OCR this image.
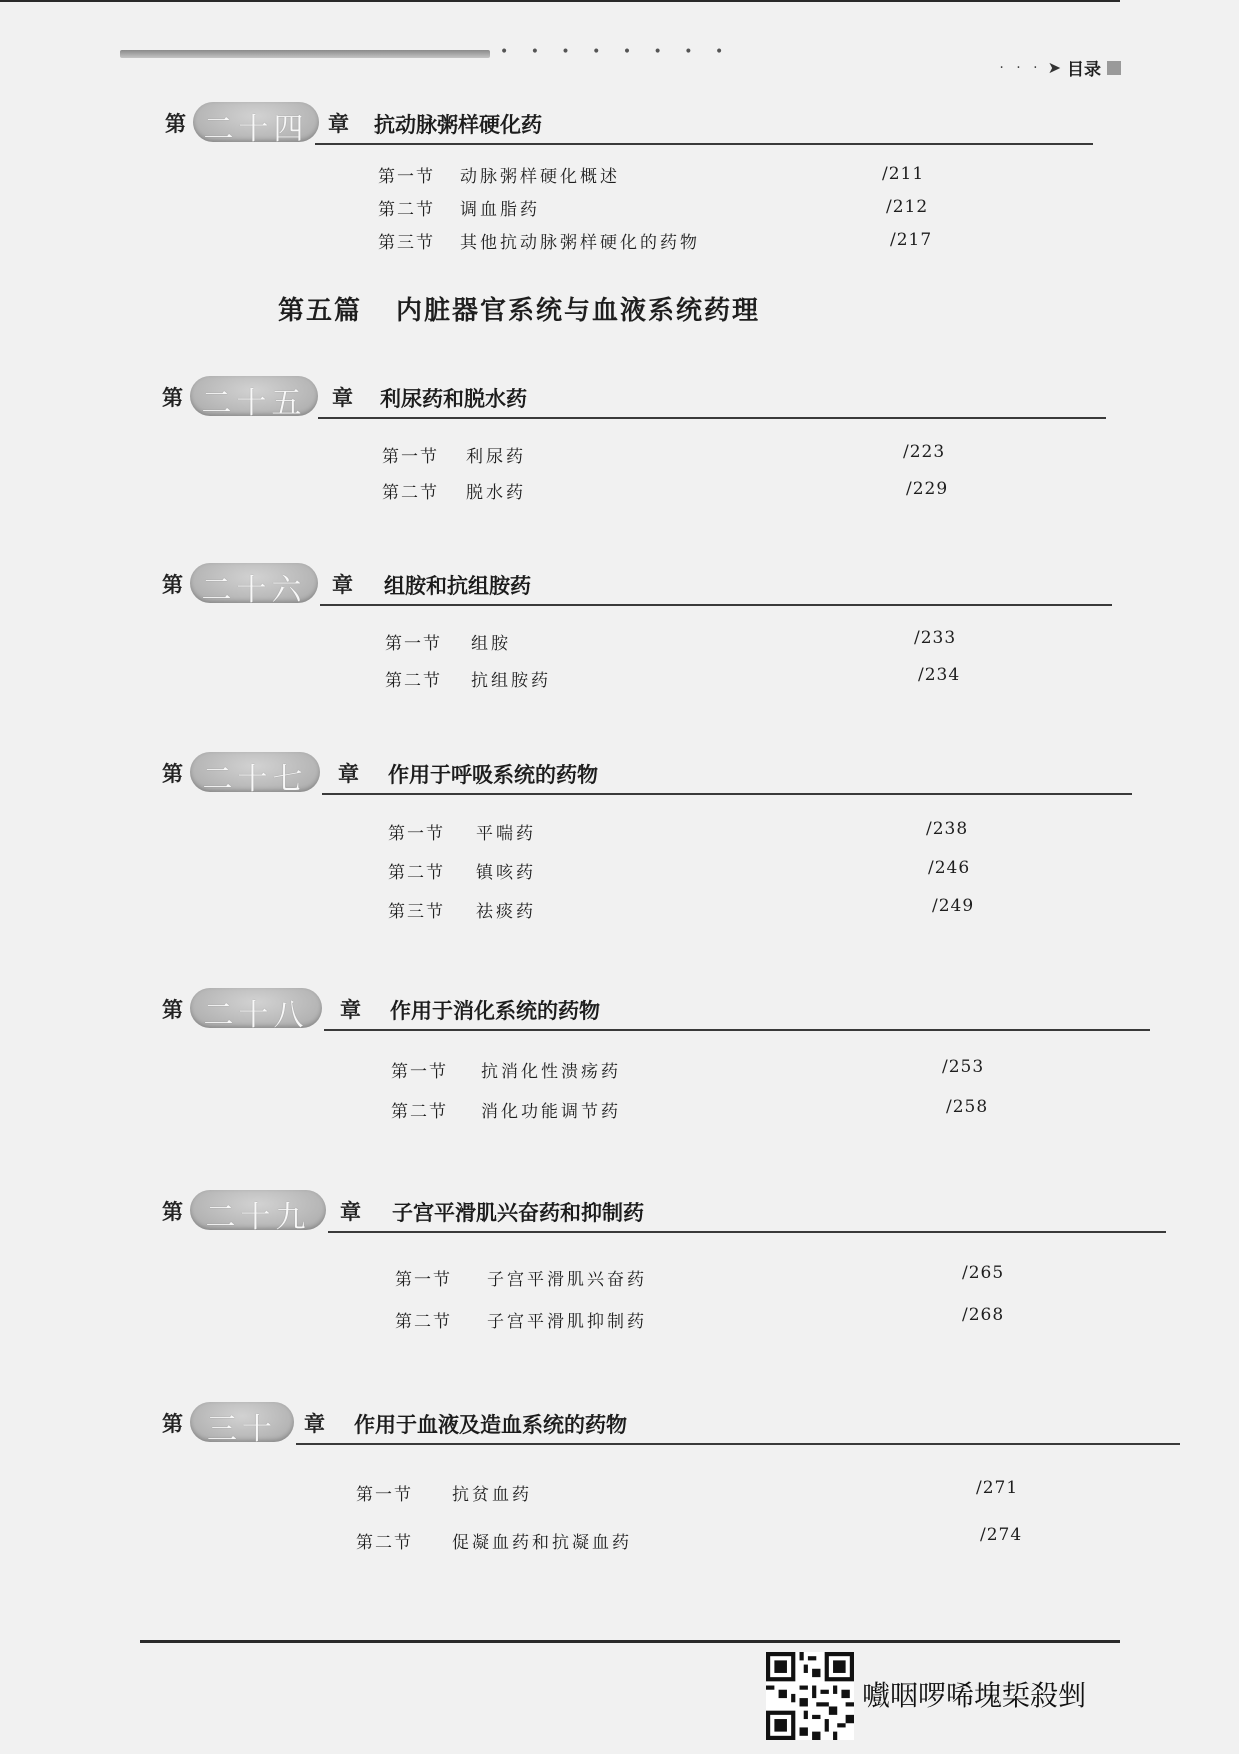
• • • • • • • •
· · · ➤ 目录
第 二十四 章 抗动脉粥样硬化药
第一节 动脉粥样硬化概述	/211
第二节 调血脂药	/212
第三节 其他抗动脉粥样硬化的药物	/217
第五篇 内脏器官系统与血液系统药理
第 二十五	章 利尿药和脱水药
第一节 利尿药	/223
第二节 脱水药	/229
第 二十六	章 组胺和抗组胺药
第一节 组胺	/233
第二节 抗组胺药	/234
第 二十七	章 作用于呼吸系统的药物
第一节 平喘药	/238
第二节 镇咳药	/246
第三节 祛痰药	/249
第 二十八	章 作用于消化系统的药物
第一节 抗消化性溃疡药	/253
第二节 消化功能调节药	/258
第 二十九	章 子宫平滑肌兴奋药和抑制药
第一节 子宫平滑肌兴奋药	/265
第二节 子宫平滑肌抑制药	/268
第 三十	章 作用于血液及造血系统的药物
第一节 抗贫血药	/271
第二节 促凝血药和抗凝血药	/274
嚱咽啰唏塊梊殺剉
